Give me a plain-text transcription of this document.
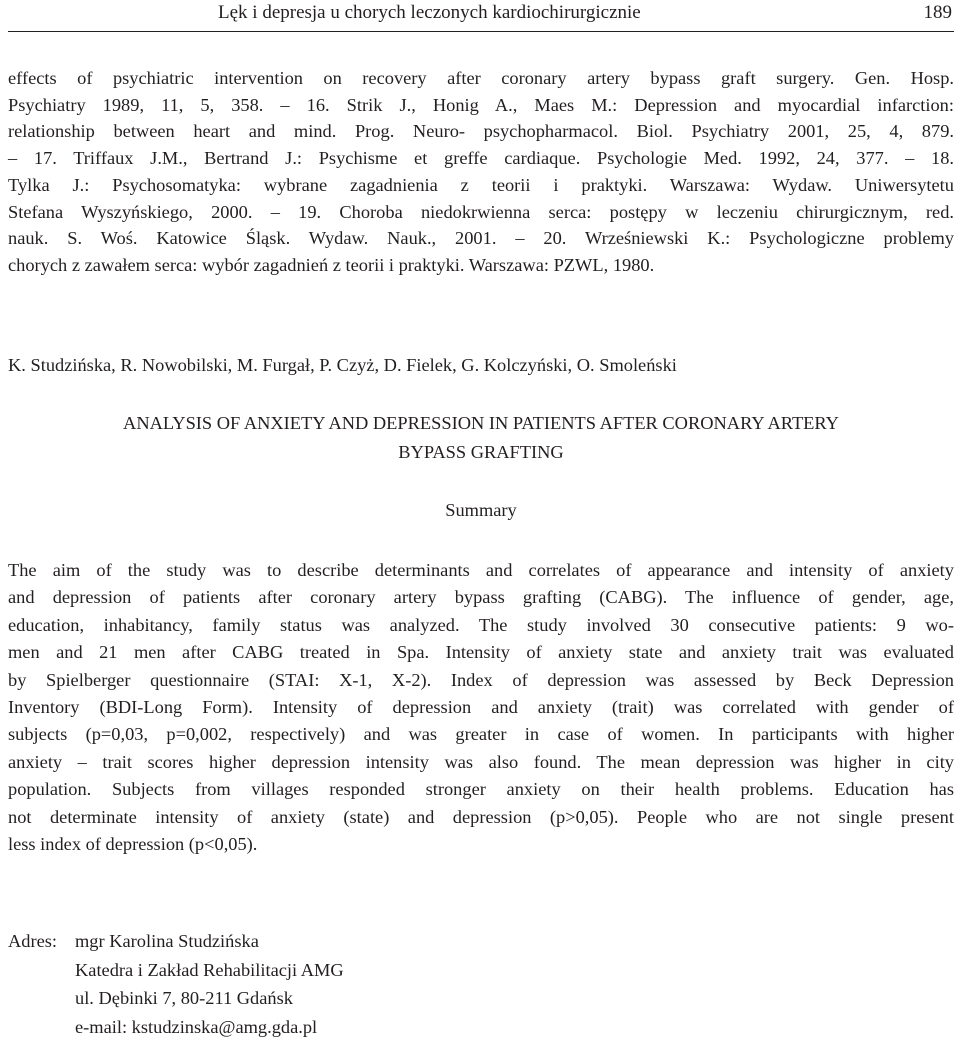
Lęk i depresja u chorych leczonych kardiochirurgicznie	189
effects of psychiatric intervention on recovery after coronary artery bypass graft surgery. Gen. Hosp.
Psychiatry 1989, 11, 5, 358. – 16. Strik J., Honig A., Maes M.: Depression and myocardial infarction:
relationship between heart and mind. Prog. Neuro- psychopharmacol. Biol. Psychiatry 2001, 25, 4, 879.
– 17. Triffaux J.M., Bertrand J.: Psychisme et greffe cardiaque. Psychologie Med. 1992, 24, 377. – 18.
Tylka J.: Psychosomatyka: wybrane zagadnienia z teorii i praktyki. Warszawa: Wydaw. Uniwersytetu
Stefana Wyszyńskiego, 2000. – 19. Choroba niedokrwienna serca: postępy w leczeniu chirurgicznym, red.
nauk. S. Woś. Katowice Śląsk. Wydaw. Nauk., 2001. – 20. Wrześniewski K.: Psychologiczne problemy
chorych z zawałem serca: wybór zagadnień z teorii i praktyki. Warszawa: PZWL, 1980.
K. Studzińska, R. Nowobilski, M. Furgał, P. Czyż, D. Fielek, G. Kolczyński, O. Smoleński
ANALYSIS OF ANXIETY AND DEPRESSION IN PATIENTS AFTER CORONARY ARTERY
BYPASS GRAFTING
Summary
The aim of the study was to describe determinants and correlates of appearance and intensity of anxiety
and depression of patients after coronary artery bypass grafting (CABG). The influence of gender, age,
education, inhabitancy, family status was analyzed. The study involved 30 consecutive patients: 9 wo-
men and 21 men after CABG treated in Spa. Intensity of anxiety state and anxiety trait was evaluated
by Spielberger questionnaire (STAI: X-1, X-2). Index of depression was assessed by Beck Depression
Inventory (BDI-Long Form). Intensity of depression and anxiety (trait) was correlated with gender of
subjects (p=0,03, p=0,002, respectively) and was greater in case of women. In participants with higher
anxiety – trait scores higher depression intensity was also found. The mean depression was higher in city
population. Subjects from villages responded stronger anxiety on their health problems. Education has
not determinate intensity of anxiety (state) and depression (p>0,05). People who are not single present
less index of depression (p<0,05).
Adres: mgr Karolina Studzińska
Katedra i Zakład Rehabilitacji AMG
ul. Dębinki 7, 80-211 Gdańsk
e-mail: kstudzinska@amg.gda.pl
